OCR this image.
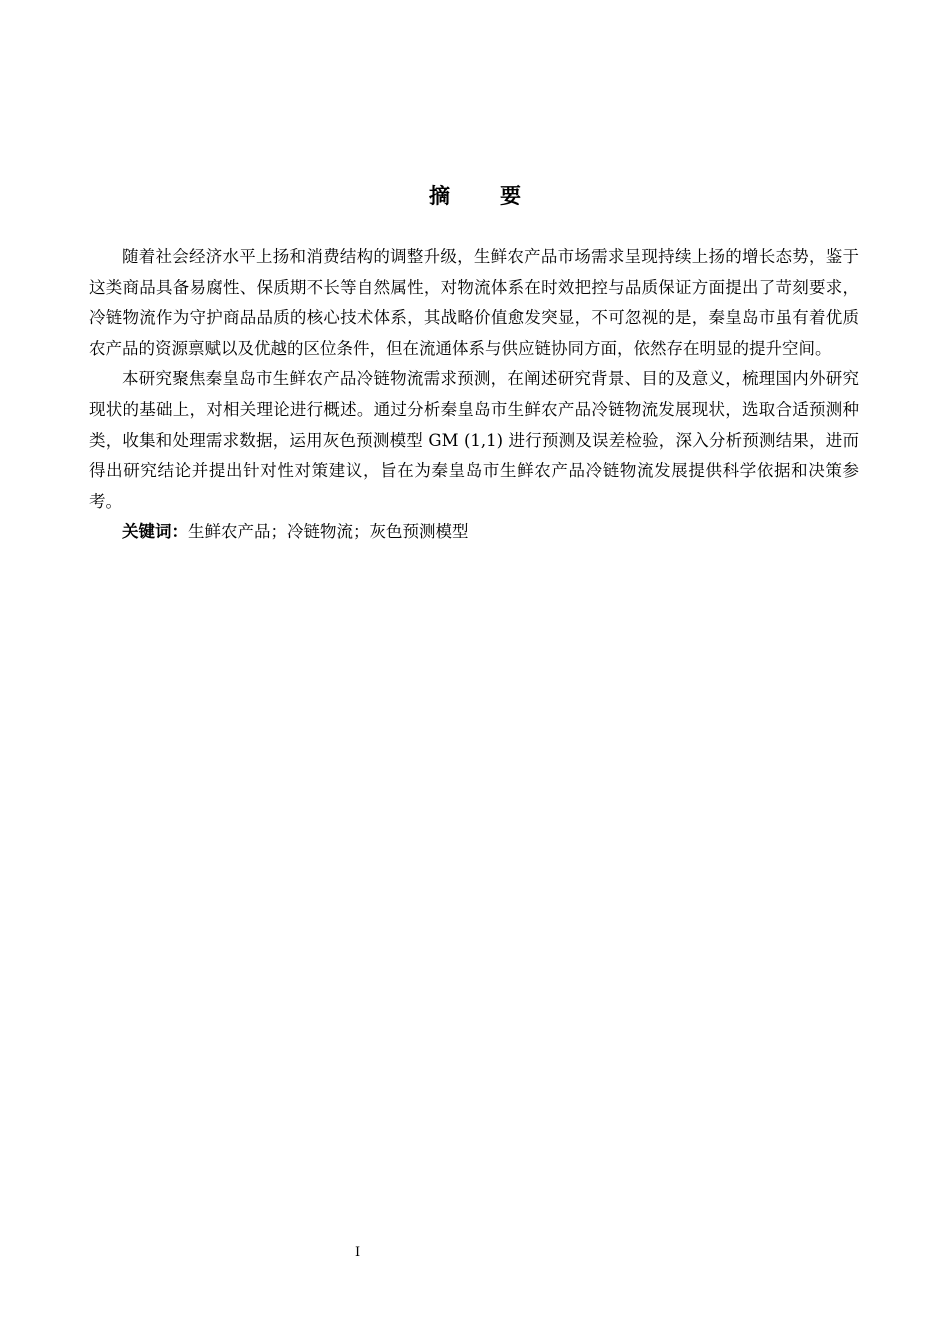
摘 要

随着社会经济水平上扬和消费结构的调整升级，生鲜农产品市场需求呈现持续上扬的增长态势，鉴于这类商品具备易腐性、保质期不长等自然属性，对物流体系在时效把控与品质保证方面提出了苛刻要求，冷链物流作为守护商品品质的核心技术体系，其战略价值愈发突显，不可忽视的是，秦皇岛市虽有着优质农产品的资源禀赋以及优越的区位条件，但在流通体系与供应链协同方面，依然存在明显的提升空间。

本研究聚焦秦皇岛市生鲜农产品冷链物流需求预测，在阐述研究背景、目的及意义，梳理国内外研究现状的基础上，对相关理论进行概述。通过分析秦皇岛市生鲜农产品冷链物流发展现状，选取合适预测种类，收集和处理需求数据，运用灰色预测模型 GM (1,1) 进行预测及误差检验，深入分析预测结果，进而得出研究结论并提出针对性对策建议，旨在为秦皇岛市生鲜农产品冷链物流发展提供科学依据和决策参考。

关键词：生鲜农产品；冷链物流；灰色预测模型

I
